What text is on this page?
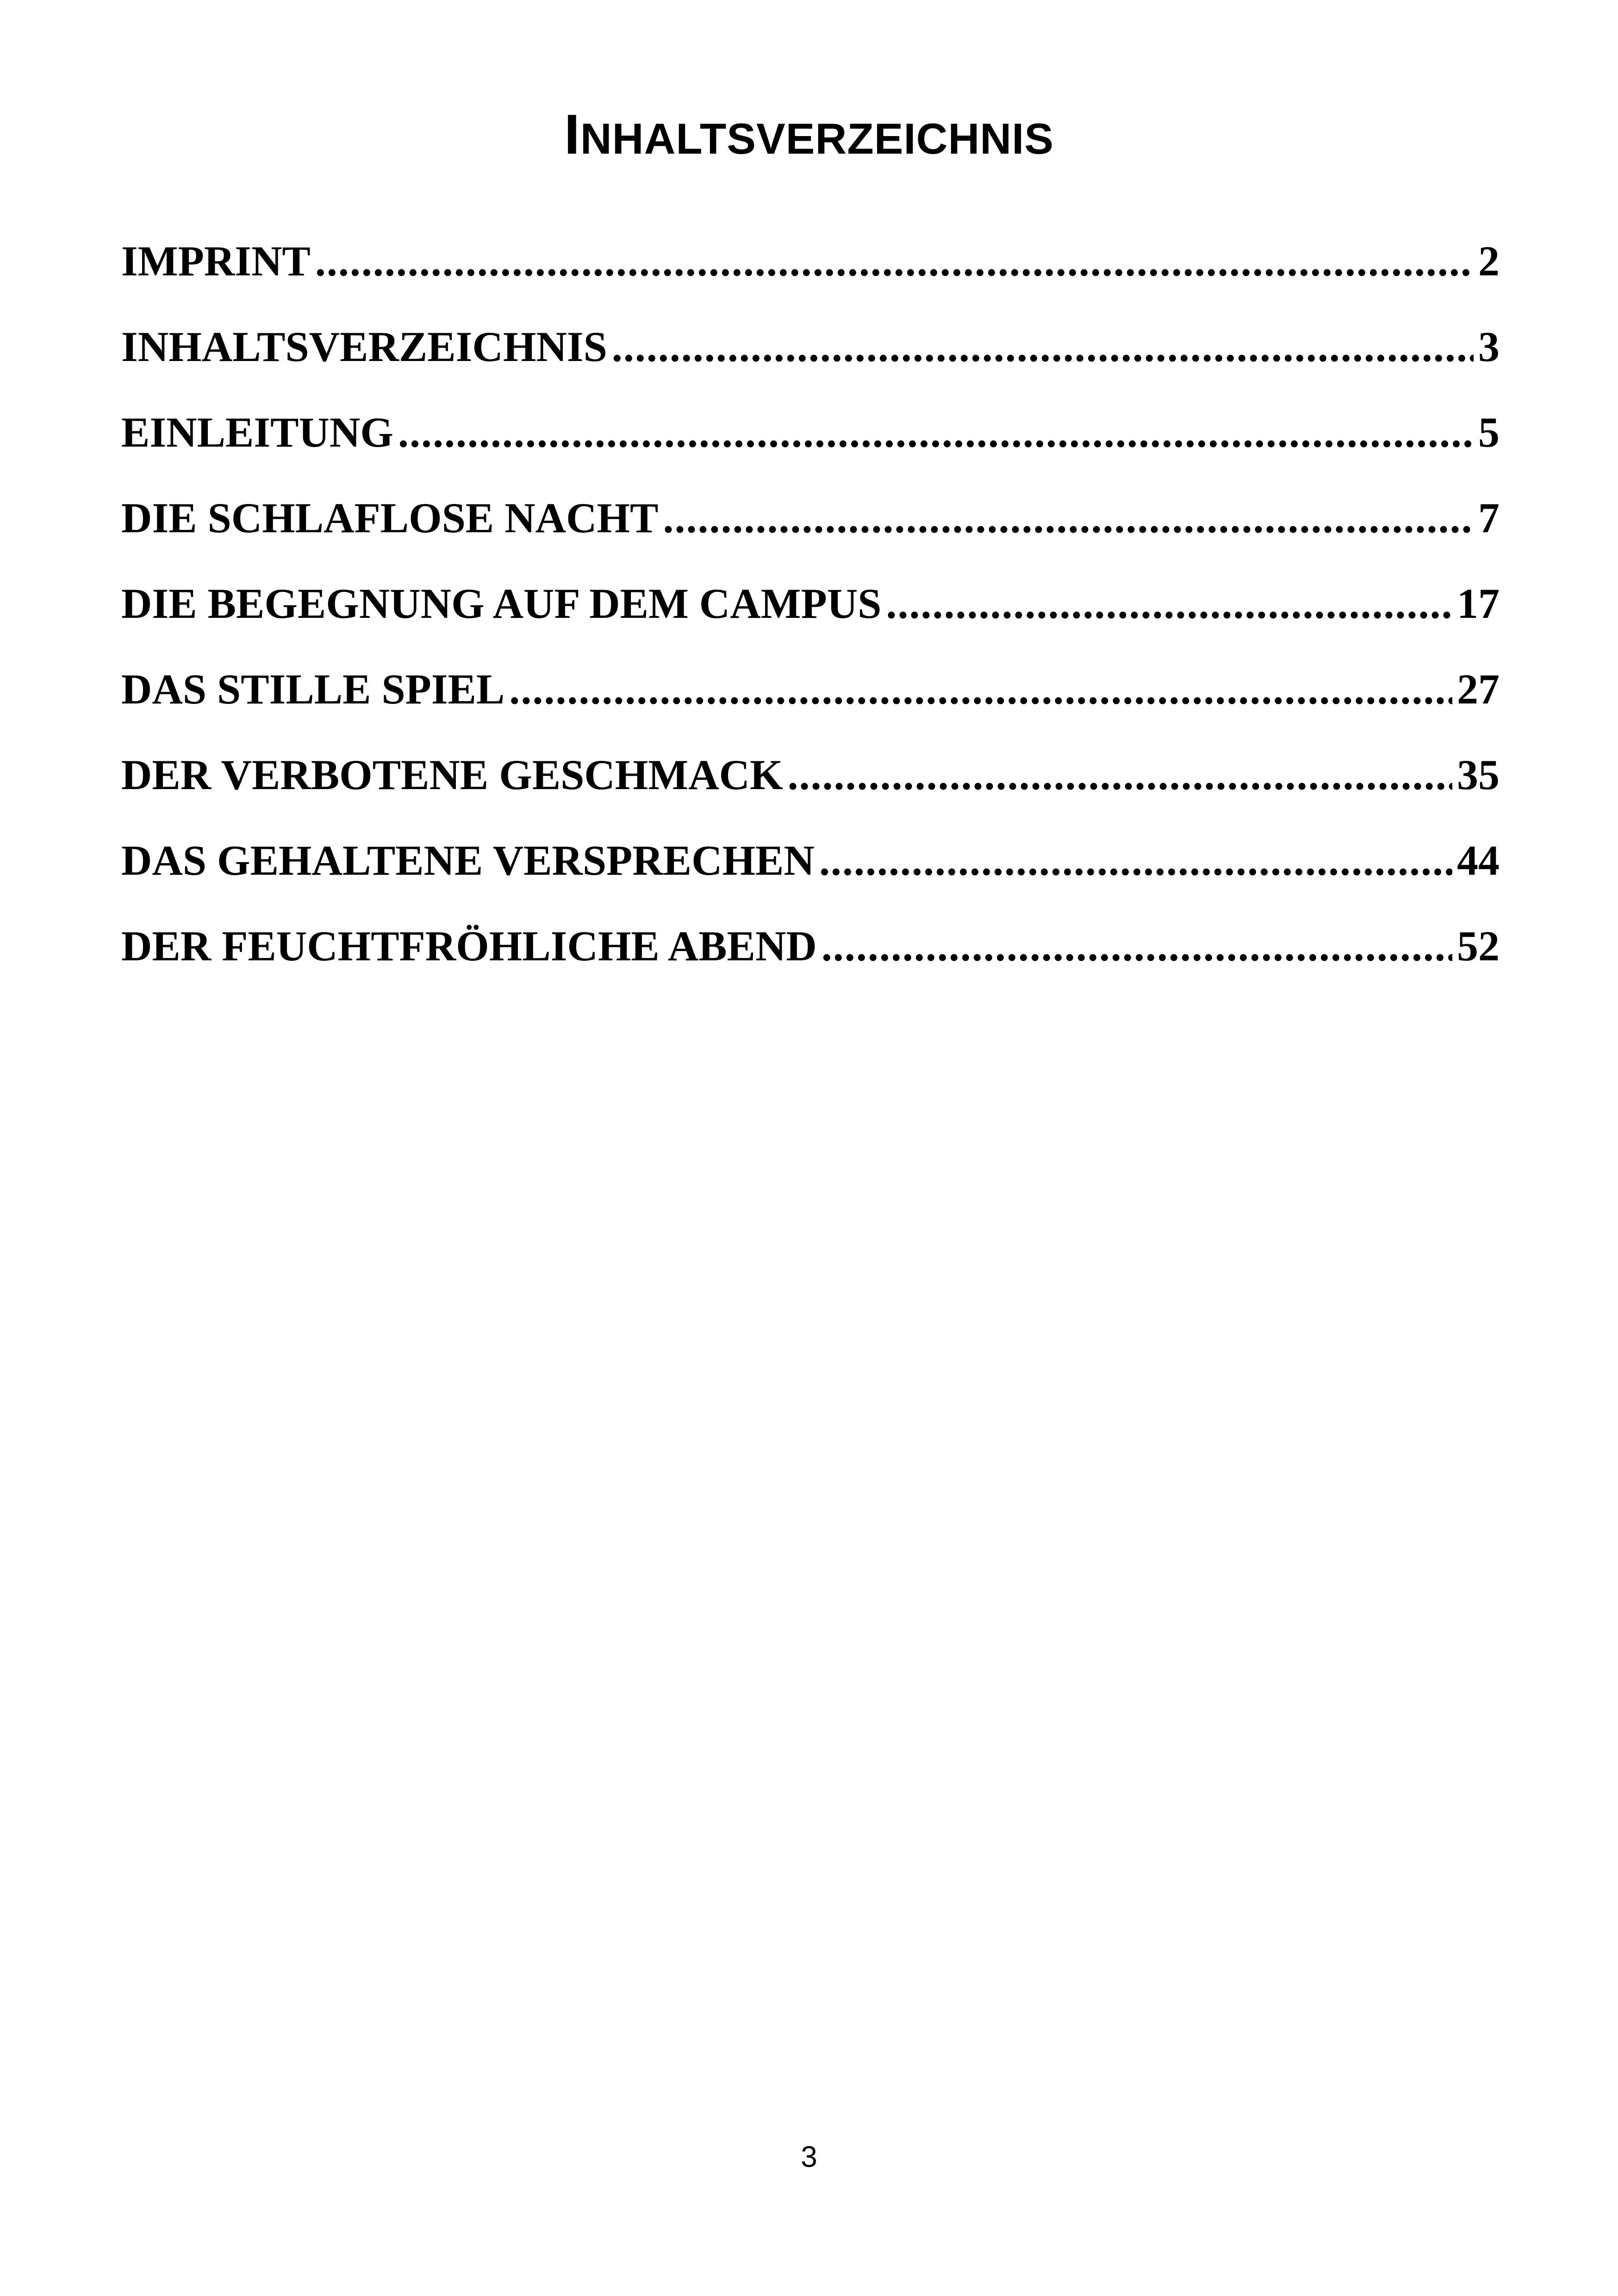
INHALTSVERZEICHNIS
IMPRINT .....	2
INHALTSVERZEICHNIS .....	3
EINLEITUNG .....	5
DIE SCHLAFLOSE NACHT .....	7
DIE BEGEGNUNG AUF DEM CAMPUS .....	17
DAS STILLE SPIEL .....	27
DER VERBOTENE GESCHMACK .....	35
DAS GEHALTENE VERSPRECHEN .....	44
DER FEUCHTFRÖHLICHE ABEND .....	52
3
